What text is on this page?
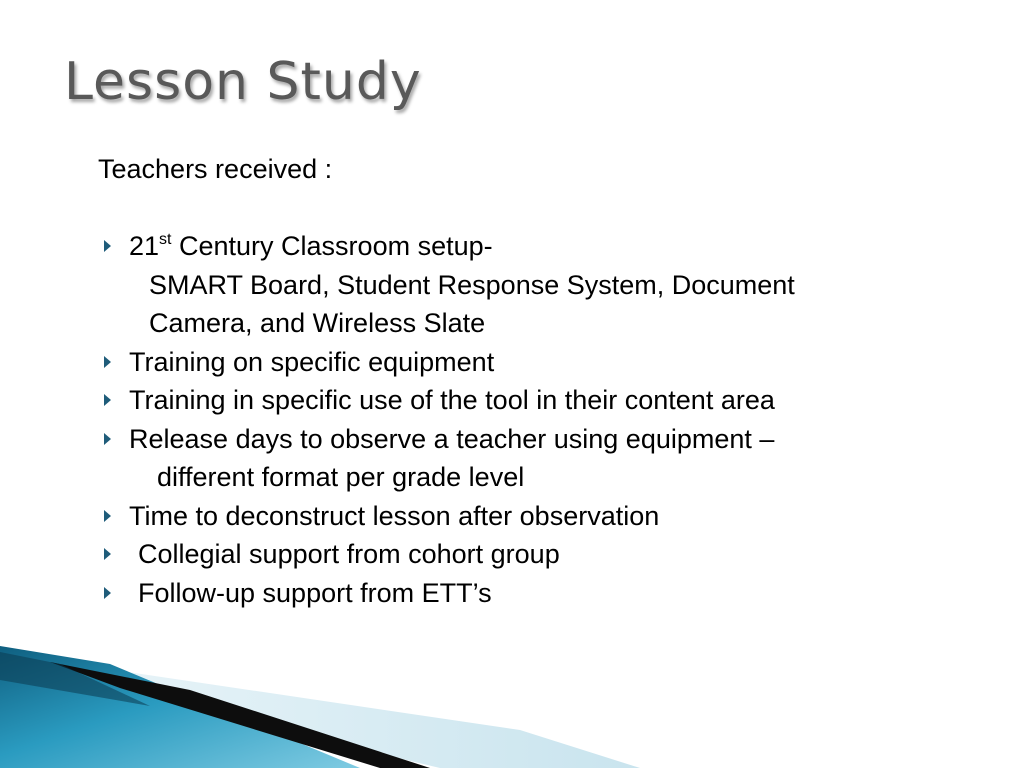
Lesson Study

Teachers received :

21st Century Classroom setup-
SMART Board, Student Response System, Document
Camera, and Wireless Slate
Training on specific equipment
Training in specific use of the tool in their content area
Release days to observe a teacher using equipment –
different format per grade level
Time to deconstruct lesson after observation
Collegial support from cohort group
Follow-up support from ETT’s
